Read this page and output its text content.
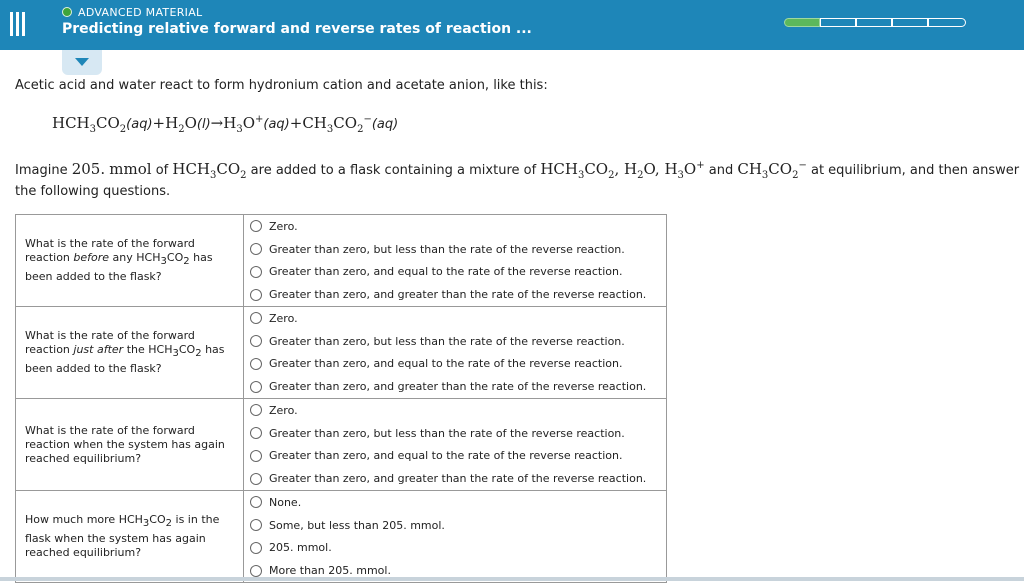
ADVANCED MATERIAL
Predicting relative forward and reverse rates of reaction ...
Acetic acid and water react to form hydronium cation and acetate anion, like this:
$HCH_3CO_2(aq)+H_2O(l)\to H_3O^+(aq)+CH_3CO_2^-(aq)$
Imagine 205. mmol of $HCH_3CO_2$ are added to a flask containing a mixture of $HCH_3CO_2$, $H_2O$, $H_3O^+$ and $CH_3CO_2^-$ at equilibrium, and then answer
the following questions.
What is the rate of the forward reaction before any $HCH_3CO_2$ has been added to the flask?	Zero.
Greater than zero, but less than the rate of the reverse reaction.
Greater than zero, and equal to the rate of the reverse reaction.
Greater than zero, and greater than the rate of the reverse reaction.

What is the rate of the forward reaction just after the $HCH_3CO_2$ has been added to the flask?	Zero.
Greater than zero, but less than the rate of the reverse reaction.
Greater than zero, and equal to the rate of the reverse reaction.
Greater than zero, and greater than the rate of the reverse reaction.

What is the rate of the forward reaction when the system has again reached equilibrium?	Zero.
Greater than zero, but less than the rate of the reverse reaction.
Greater than zero, and equal to the rate of the reverse reaction.
Greater than zero, and greater than the rate of the reverse reaction.

How much more $HCH_3CO_2$ is in the flask when the system has again reached equilibrium?	None.
Some, but less than 205. mmol.
205. mmol.
More than 205. mmol.
